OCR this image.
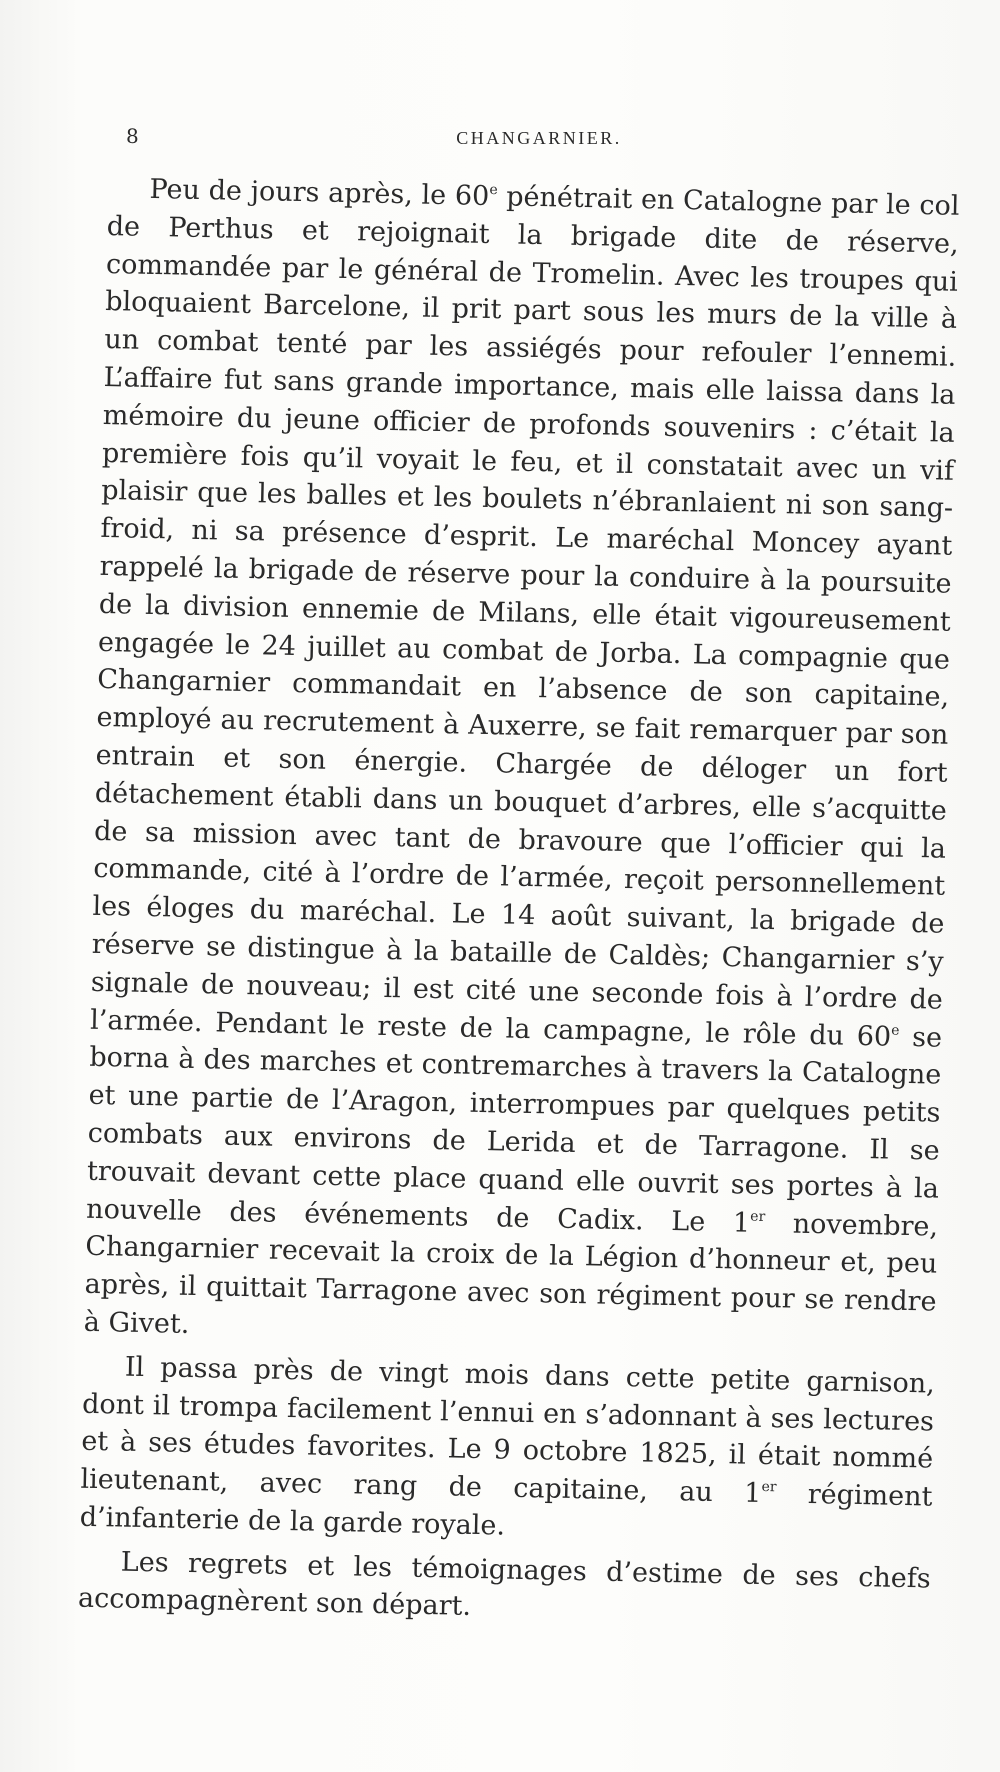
8	CHANGARNIER.

Peu de jours après, le 60e pénétrait en Catalogne par le col de Perthus et rejoignait la brigade dite de réserve, commandée par le général de Tromelin. Avec les troupes qui bloquaient Barcelone, il prit part sous les murs de la ville à un combat tenté par les assiégés pour refouler l’ennemi. L’affaire fut sans grande importance, mais elle laissa dans la mémoire du jeune officier de profonds souvenirs : c’était la première fois qu’il voyait le feu, et il constatait avec un vif plaisir que les balles et les boulets n’ébranlaient ni son sang-froid, ni sa présence d’esprit. Le maréchal Moncey ayant rappelé la brigade de réserve pour la conduire à la poursuite de la division ennemie de Milans, elle était vigoureusement engagée le 24 juillet au combat de Jorba. La compagnie que Changarnier commandait en l’absence de son capitaine, employé au recrutement à Auxerre, se fait remarquer par son entrain et son énergie. Chargée de déloger un fort détachement établi dans un bouquet d’arbres, elle s’acquitte de sa mission avec tant de bravoure que l’officier qui la commande, cité à l’ordre de l’armée, reçoit personnellement les éloges du maréchal. Le 14 août suivant, la brigade de réserve se distingue à la bataille de Caldès; Changarnier s’y signale de nouveau; il est cité une seconde fois à l’ordre de l’armée. Pendant le reste de la campagne, le rôle du 60e se borna à des marches et contremarches à travers la Catalogne et une partie de l’Aragon, interrompues par quelques petits combats aux environs de Lerida et de Tarragone. Il se trouvait devant cette place quand elle ouvrit ses portes à la nouvelle des événements de Cadix. Le 1er novembre, Changarnier recevait la croix de la Légion d’honneur et, peu après, il quittait Tarragone avec son régiment pour se rendre à Givet.

Il passa près de vingt mois dans cette petite garnison, dont il trompa facilement l’ennui en s’adonnant à ses lectures et à ses études favorites. Le 9 octobre 1825, il était nommé lieutenant, avec rang de capitaine, au 1er régiment d’infanterie de la garde royale.

Les regrets et les témoignages d’estime de ses chefs accompagnèrent son départ.
